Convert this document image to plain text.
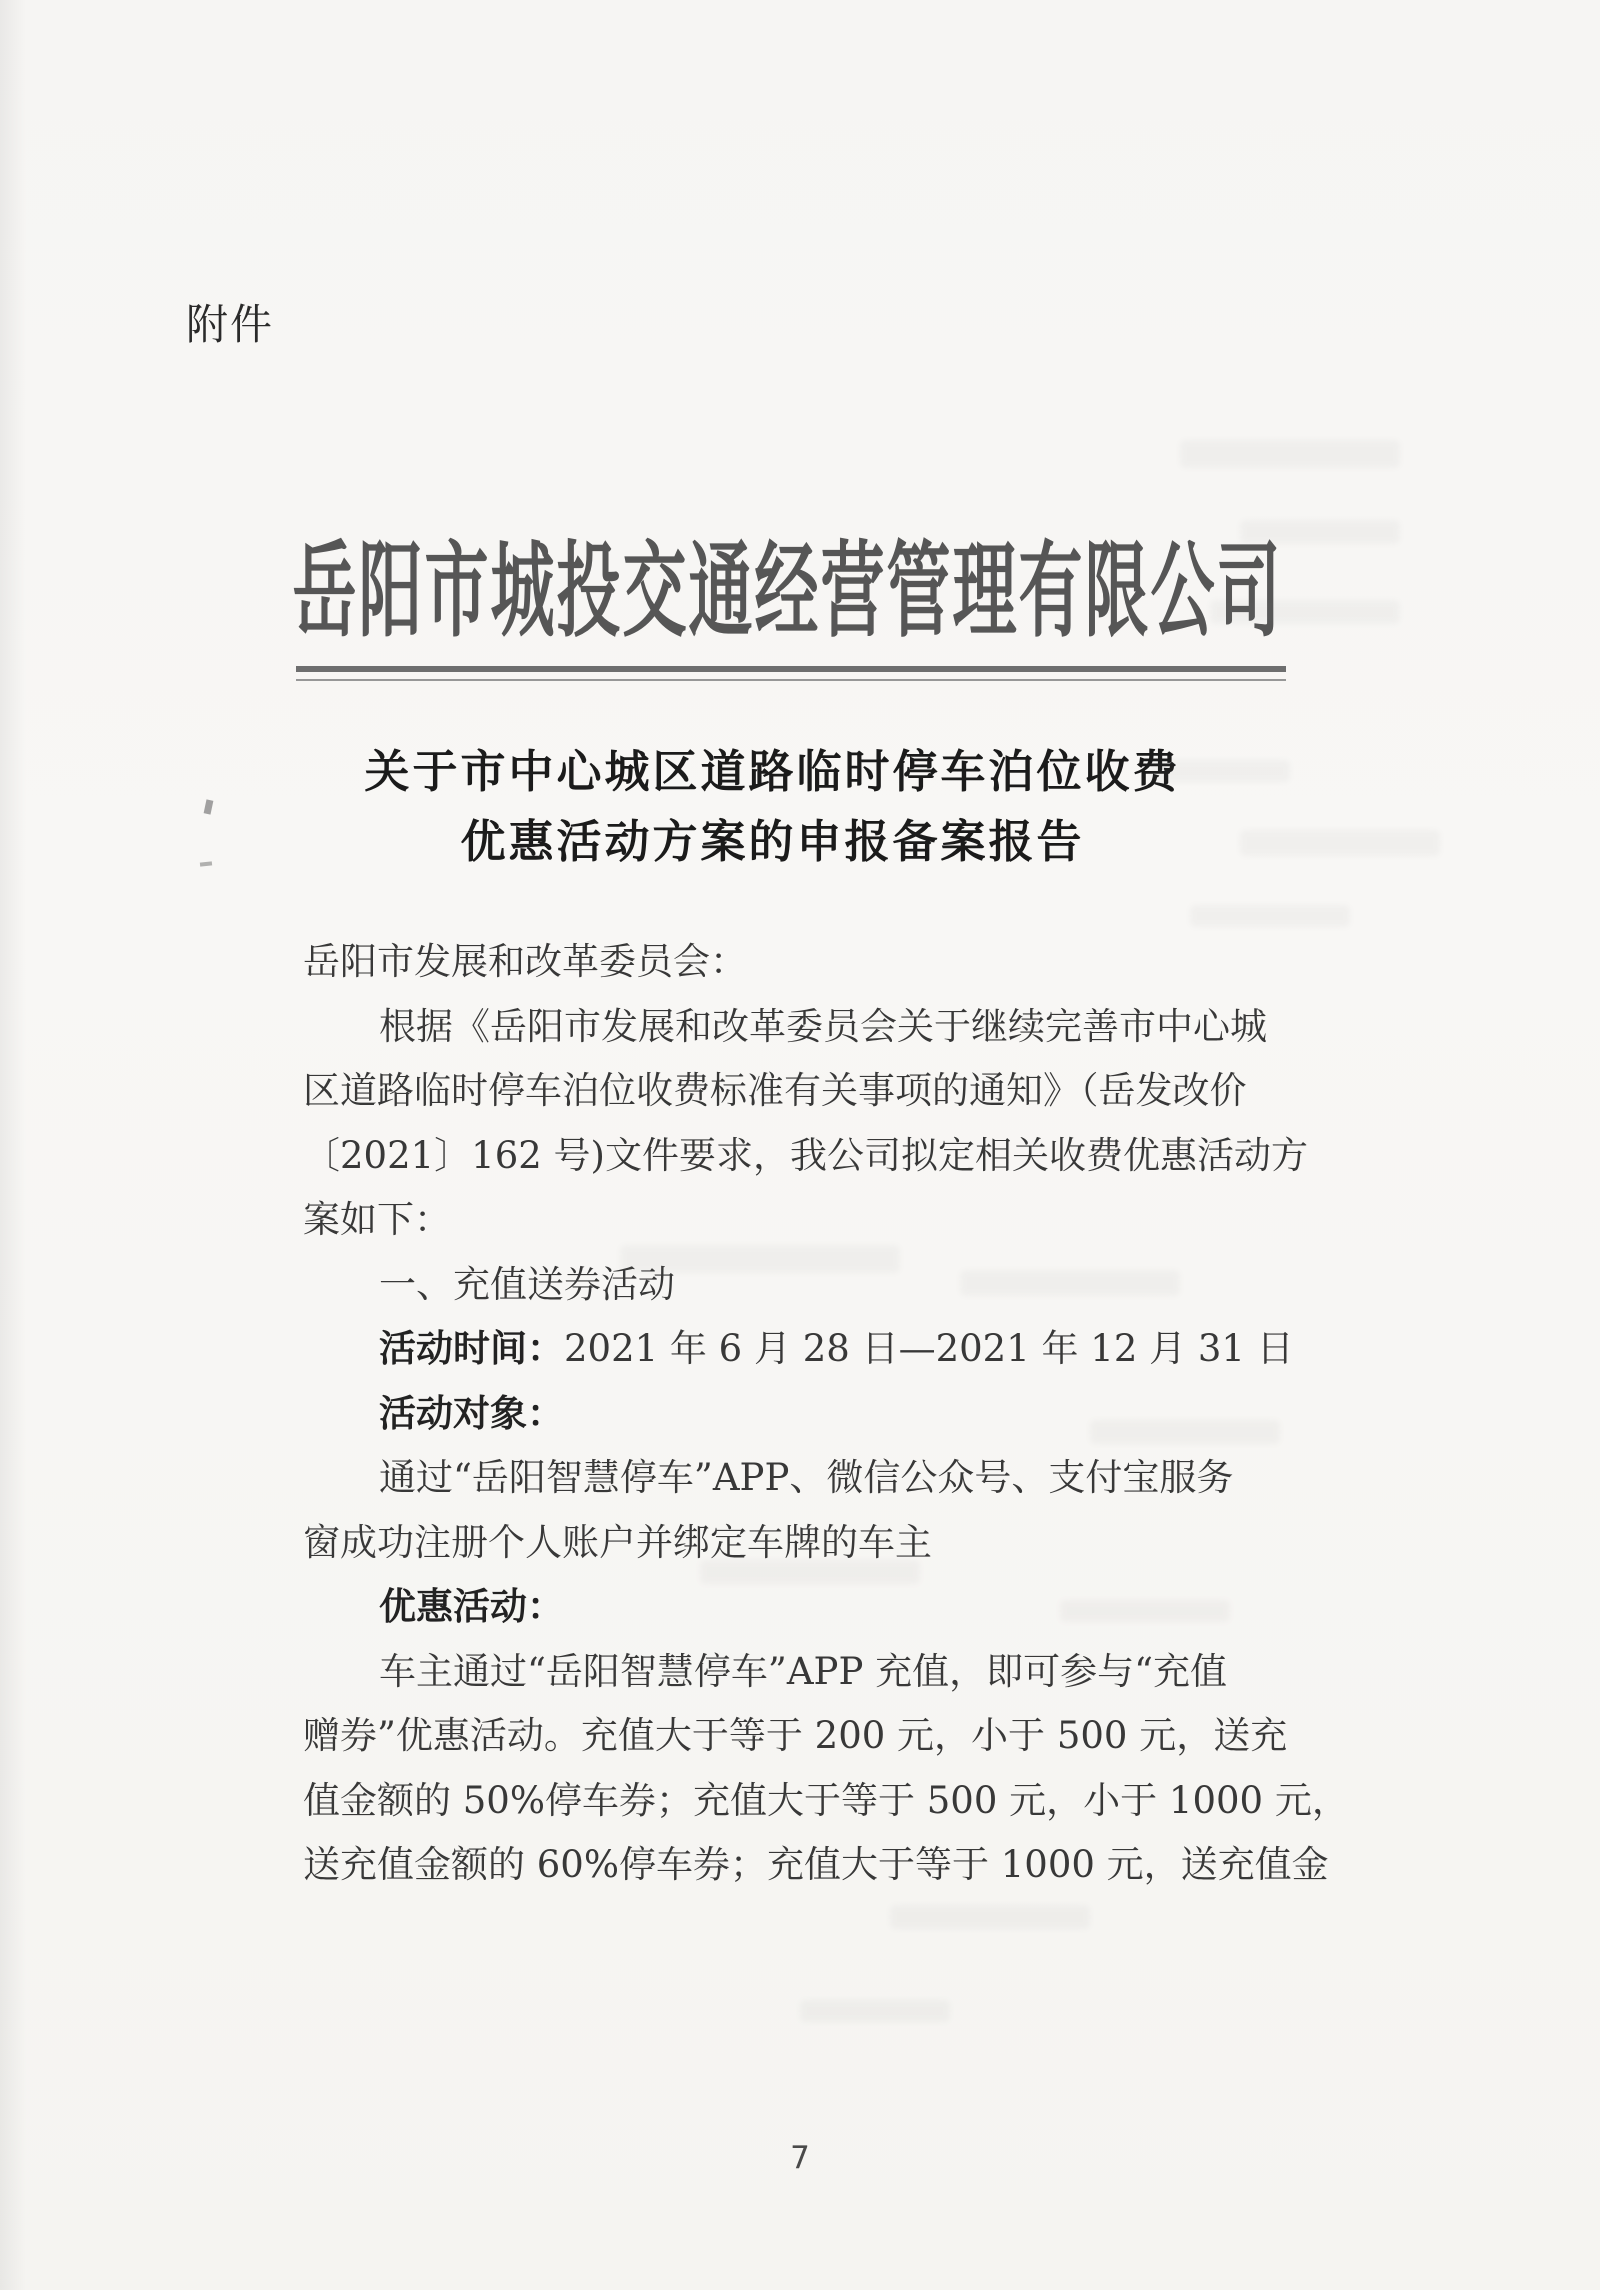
附件
岳阳市城投交通经营管理有限公司
关于市中心城区道路临时停车泊位收费
优惠活动方案的申报备案报告
岳阳市发展和改革委员会：
根据《岳阳市发展和改革委员会关于继续完善市中心城
区道路临时停车泊位收费标准有关事项的通知》（岳发改价
〔2021〕162 号)文件要求，我公司拟定相关收费优惠活动方
案如下：
一、充值送券活动
活动时间：2021 年 6 月 28 日—2021 年 12 月 31 日
活动对象：
通过“岳阳智慧停车”APP、微信公众号、支付宝服务
窗成功注册个人账户并绑定车牌的车主
优惠活动：
车主通过“岳阳智慧停车”APP 充值，即可参与“充值
赠券”优惠活动。充值大于等于 200 元，小于 500 元，送充
值金额的 50%停车券；充值大于等于 500 元，小于 1000 元，
送充值金额的 60%停车券；充值大于等于 1000 元，送充值金
7
